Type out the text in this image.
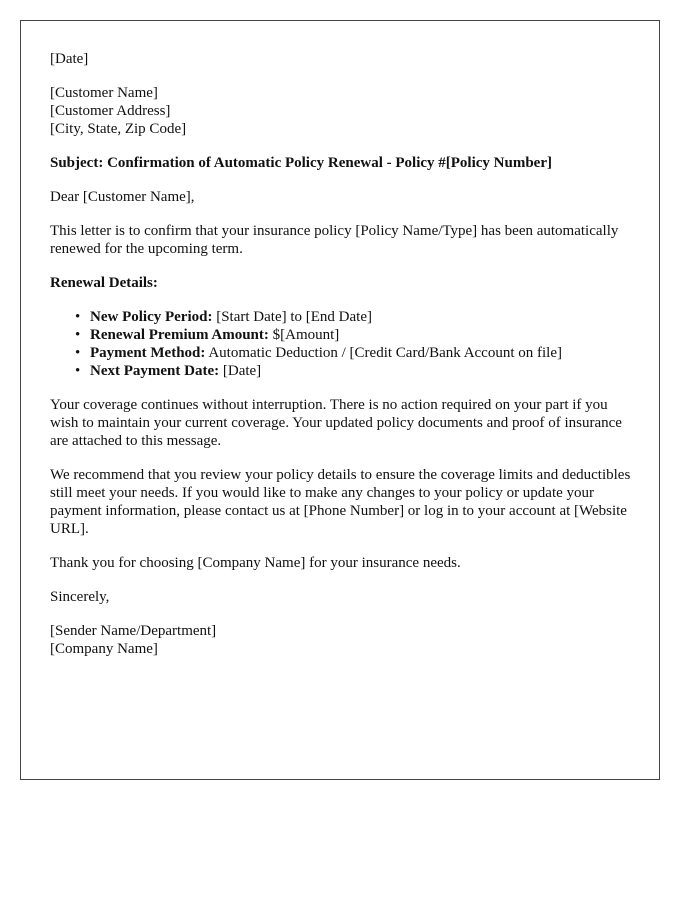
[Date]

[Customer Name]

[Customer Address]

[City, State, Zip Code]

Subject: Confirmation of Automatic Policy Renewal - Policy #[Policy Number]

Dear [Customer Name],

This letter is to confirm that your insurance policy [Policy Name/Type] has been automatically renewed for the upcoming term.

Renewal Details:

• New Policy Period: [Start Date] to [End Date]
• Renewal Premium Amount: $[Amount]
• Payment Method: Automatic Deduction / [Credit Card/Bank Account on file]
• Next Payment Date: [Date]

Your coverage continues without interruption. There is no action required on your part if you wish to maintain your current coverage. Your updated policy documents and proof of insurance are attached to this message.

We recommend that you review your policy details to ensure the coverage limits and deductibles still meet your needs. If you would like to make any changes to your policy or update your payment information, please contact us at [Phone Number] or log in to your account at [Website URL].

Thank you for choosing [Company Name] for your insurance needs.

Sincerely,

[Sender Name/Department]

[Company Name]
